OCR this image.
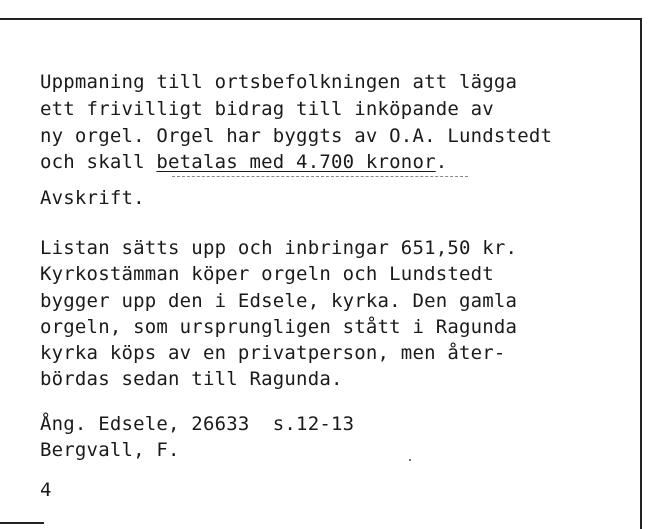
Uppmaning till ortsbefolkningen att lägga
ett frivilligt bidrag till inköpande av
ny orgel. Orgel har byggts av O.A. Lundstedt
och skall betalas med 4.700 kronor.
Avskrift.
Listan sätts upp och inbringar 651,50 kr.
Kyrkostämman köper orgeln och Lundstedt
bygger upp den i Edsele, kyrka. Den gamla
orgeln, som ursprungligen stått i Ragunda
kyrka köps av en privatperson, men åter-
bördas sedan till Ragunda.
Ång. Edsele, 26633  s.12-13
Bergvall, F.
4
